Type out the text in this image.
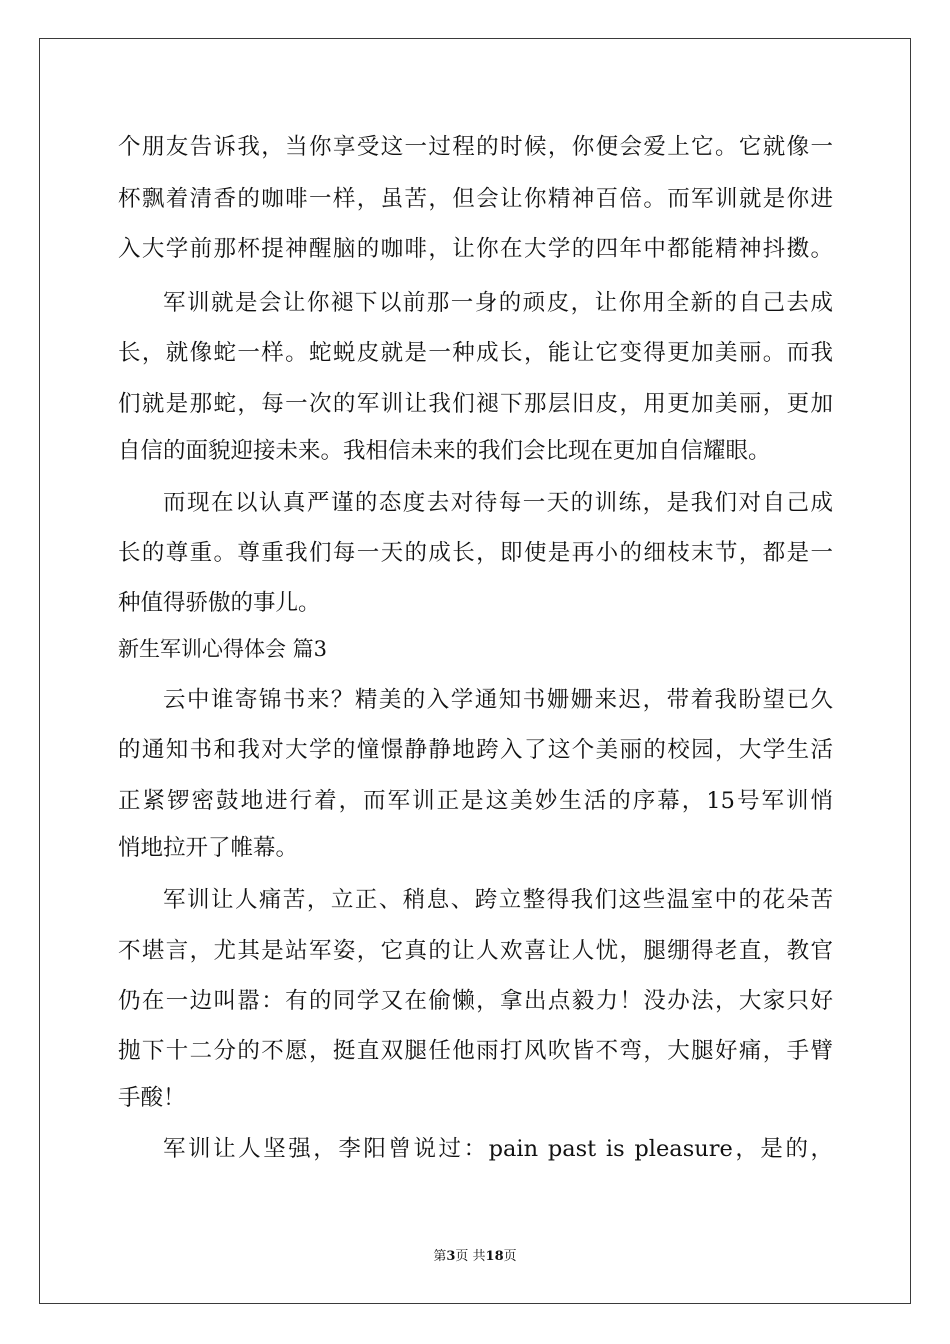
个朋友告诉我，当你享受这一过程的时候，你便会爱上它。它就像一
杯飘着清香的咖啡一样，虽苦，但会让你精神百倍。而军训就是你进
入大学前那杯提神醒脑的咖啡，让你在大学的四年中都能精神抖擞。
军训就是会让你褪下以前那一身的顽皮，让你用全新的自己去成
长，就像蛇一样。蛇蜕皮就是一种成长，能让它变得更加美丽。而我
们就是那蛇，每一次的军训让我们褪下那层旧皮，用更加美丽，更加
自信的面貌迎接未来。我相信未来的我们会比现在更加自信耀眼。
而现在以认真严谨的态度去对待每一天的训练，是我们对自己成
长的尊重。尊重我们每一天的成长，即使是再小的细枝末节，都是一
种值得骄傲的事儿。
新生军训心得体会 篇3
云中谁寄锦书来？精美的入学通知书姗姗来迟，带着我盼望已久
的通知书和我对大学的憧憬静静地跨入了这个美丽的校园，大学生活
正紧锣密鼓地进行着，而军训正是这美妙生活的序幕，15号军训悄
悄地拉开了帷幕。
军训让人痛苦，立正、稍息、跨立整得我们这些温室中的花朵苦
不堪言，尤其是站军姿，它真的让人欢喜让人忧，腿绷得老直，教官
仍在一边叫嚣：有的同学又在偷懒，拿出点毅力！没办法，大家只好
抛下十二分的不愿，挺直双腿任他雨打风吹皆不弯，大腿好痛，手臂
手酸！
军训让人坚强，李阳曾说过：pain past is pleasure，是的，
第3页 共18页
